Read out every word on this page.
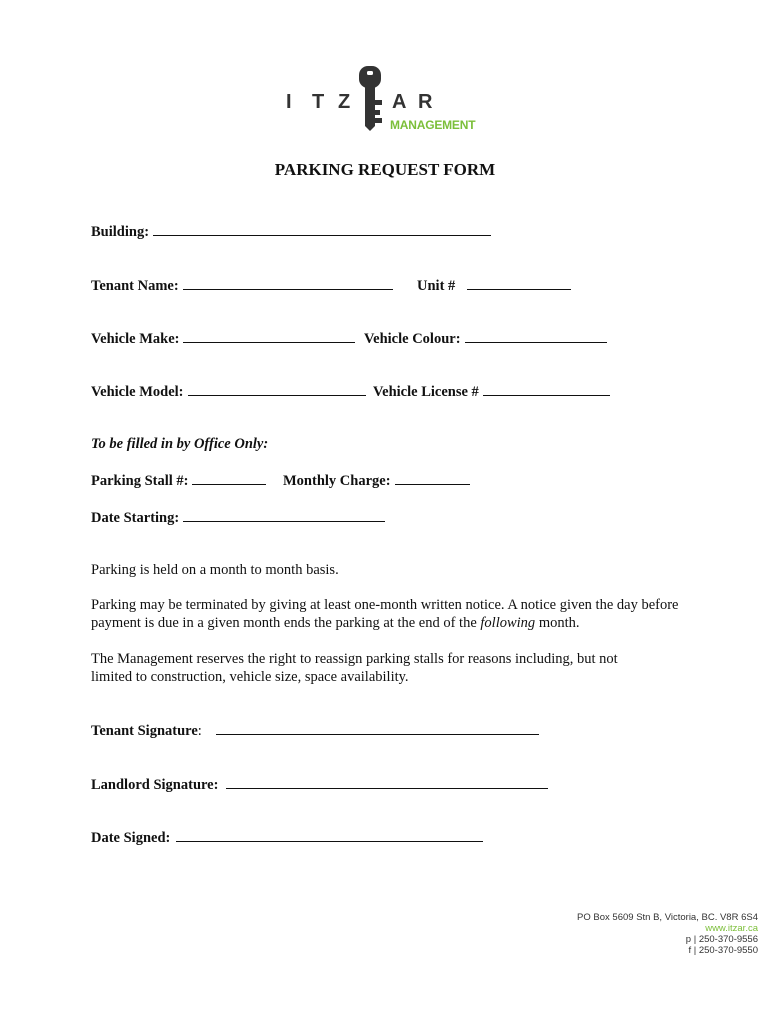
I T Z A R
MANAGEMENT
PARKING REQUEST FORM
Building:
Tenant Name:	Unit #
Vehicle Make:	Vehicle Colour:
Vehicle Model:	Vehicle License #
To be filled in by Office Only:
Parking Stall #:	Monthly Charge:
Date Starting:
Parking is held on a month to month basis.
Parking may be terminated by giving at least one-month written notice. A notice given the day before payment is due in a given month ends the parking at the end of the following month.
The Management reserves the right to reassign parking stalls for reasons including, but not limited to construction, vehicle size, space availability.
Tenant Signature:
Landlord Signature:
Date Signed:
PO Box 5609 Stn B, Victoria, BC. V8R 6S4
www.itzar.ca
p | 250-370-9556
f | 250-370-9550
